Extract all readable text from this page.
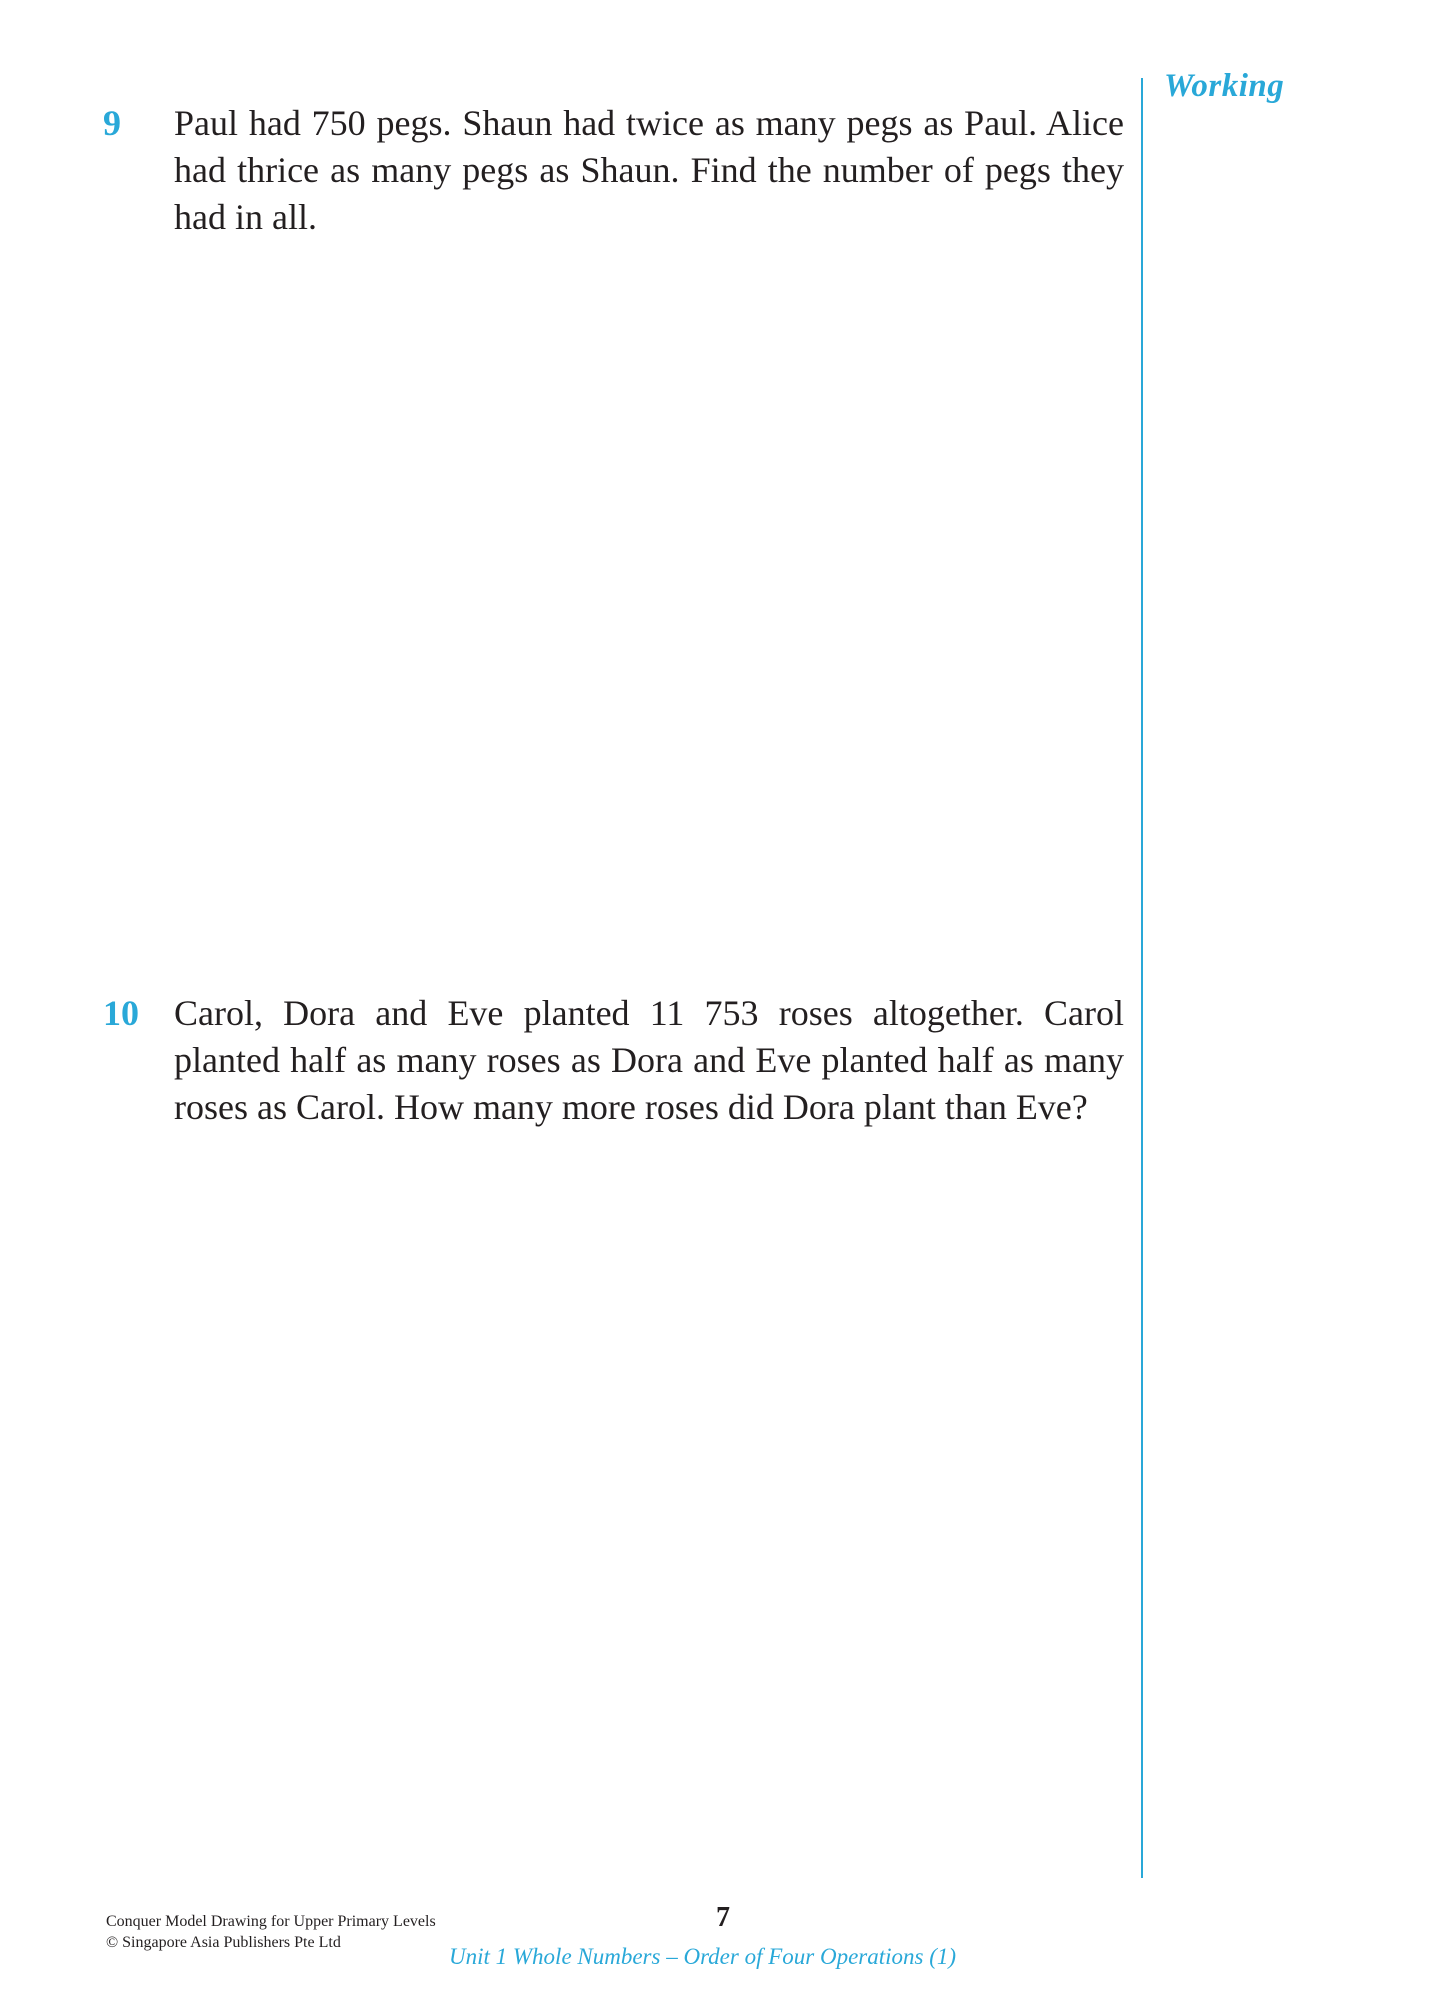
Working
9 Paul had 750 pegs. Shaun had twice as many pegs as Paul. Alice had thrice as many pegs as Shaun. Find the number of pegs they had in all.
10 Carol, Dora and Eve planted 11 753 roses altogether. Carol planted half as many roses as Dora and Eve planted half as many roses as Carol. How many more roses did Dora plant than Eve?
Conquer Model Drawing for Upper Primary Levels
© Singapore Asia Publishers Pte Ltd
7
Unit 1 Whole Numbers – Order of Four Operations (1)
